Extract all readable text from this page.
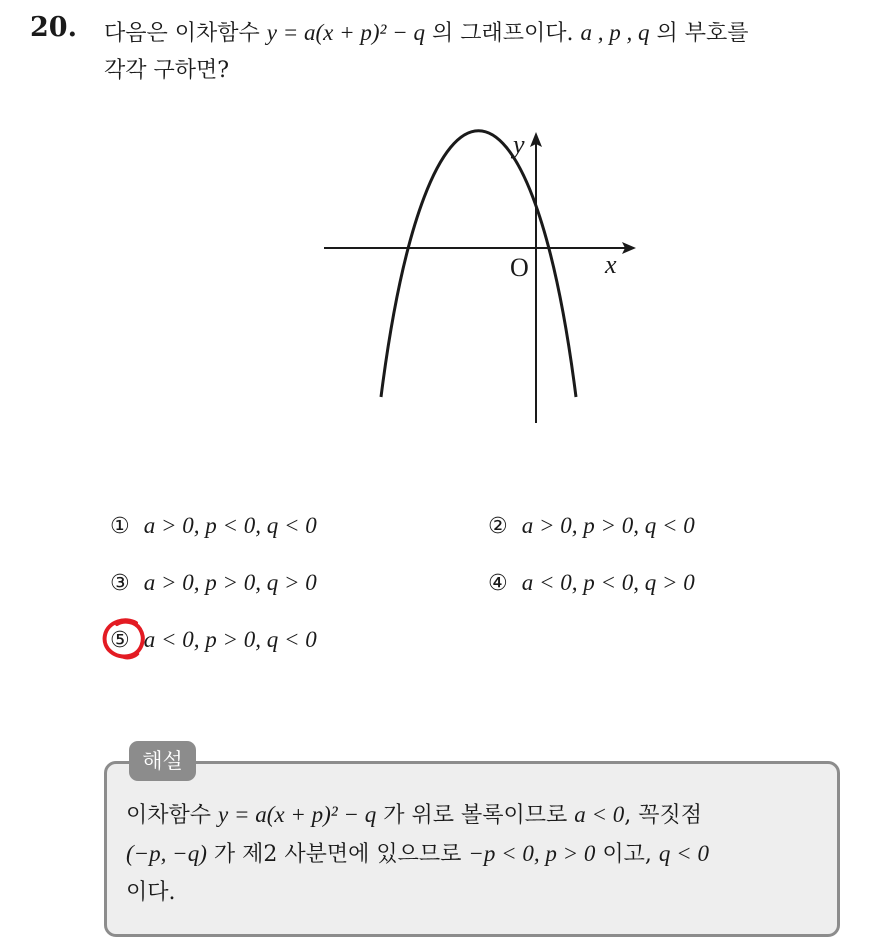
20. 다음은 이차함수 y = a(x + p)² − q 의 그래프이다. a , p , q 의 부호를
각각 구하면?
y
x
O
① a > 0, p < 0, q < 0	② a > 0, p > 0, q < 0
③ a > 0, p > 0, q > 0	④ a < 0, p < 0, q > 0
⑤ a < 0, p > 0, q < 0
해설
이차함수 y = a(x + p)² − q 가 위로 볼록이므로 a < 0, 꼭짓점
(−p, −q) 가 제2 사분면에 있으므로 −p < 0, p > 0 이고, q < 0
이다.
